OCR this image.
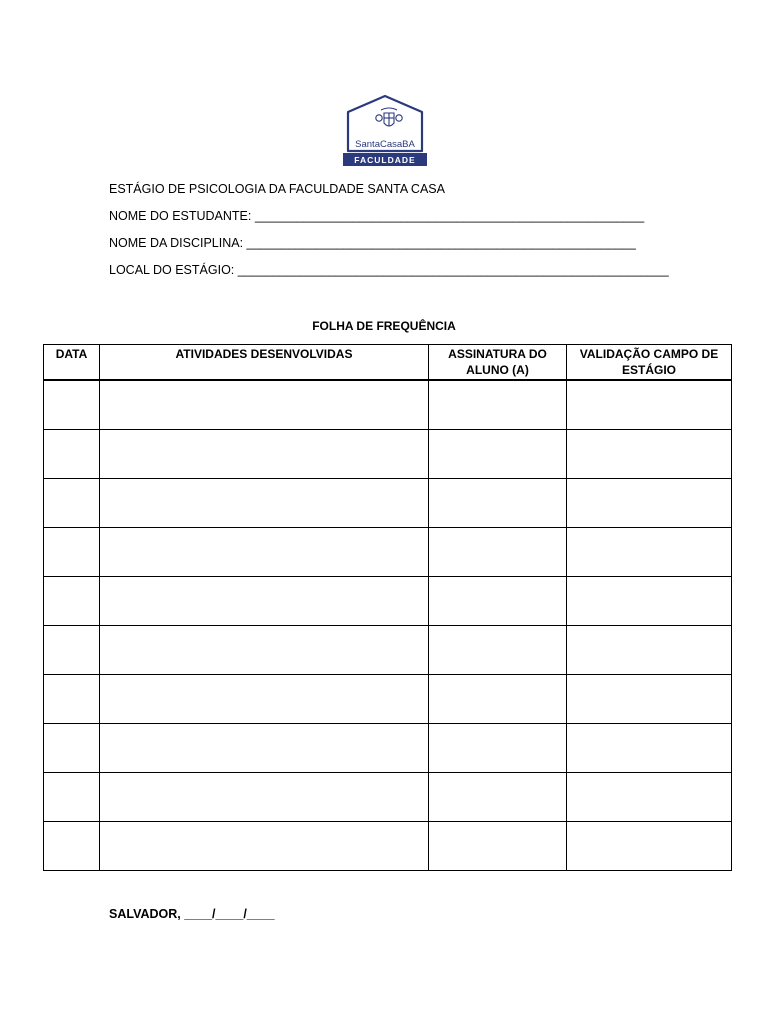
SantaCasaBA
FACULDADE
ESTÁGIO DE PSICOLOGIA DA FACULDADE SANTA CASA
NOME DO ESTUDANTE: ________________________________________________________
NOME DA DISCIPLINA: ________________________________________________________
LOCAL DO ESTÁGIO: ______________________________________________________________
FOLHA DE FREQUÊNCIA
DATA	ATIVIDADES DESENVOLVIDAS	ASSINATURA DO ALUNO (A)	VALIDAÇÃO CAMPO DE ESTÁGIO

SALVADOR, ____/____/____
